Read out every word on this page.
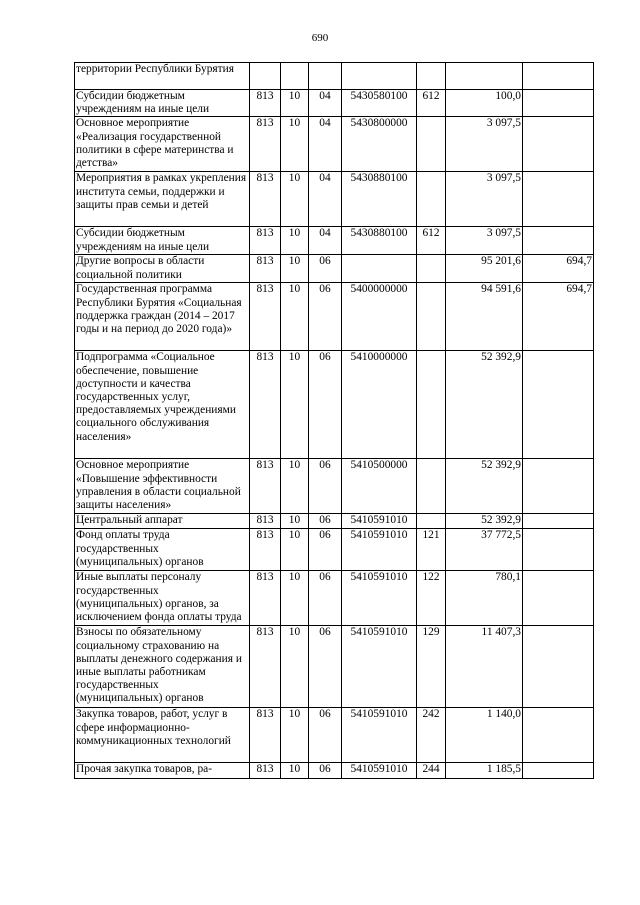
690
территории Республики Бурятия							
Субсидии бюджетным учреждениям на иные цели	813	10	04	5430580100	612	100,0	
Основное мероприятие «Реализация государственной политики в сфере материнства и детства»	813	10	04	5430800000		3 097,5	
Мероприятия в рамках укрепления института семьи, поддержки и защиты прав семьи и детей	813	10	04	5430880100		3 097,5	
Субсидии бюджетным учреждениям на иные цели	813	10	04	5430880100	612	3 097,5	
Другие вопросы в области социальной политики	813	10	06			95 201,6	694,7
Государственная программа Республики Бурятия «Социальная поддержка граждан (2014 – 2017 годы и на период до 2020 года)»	813	10	06	5400000000		94 591,6	694,7
Подпрограмма «Социальное обеспечение, повышение доступности и качества государственных услуг, предоставляемых учреждениями социального обслуживания населения»	813	10	06	5410000000		52 392,9	
Основное мероприятие «Повышение эффективности управления в области социальной защиты населения»	813	10	06	5410500000		52 392,9	
Центральный аппарат	813	10	06	5410591010		52 392,9	
Фонд оплаты труда государственных (муниципальных) органов	813	10	06	5410591010	121	37 772,5	
Иные выплаты персоналу государственных (муниципальных) органов, за исключением фонда оплаты труда	813	10	06	5410591010	122	780,1	
Взносы по обязательному социальному страхованию на выплаты денежного содержания и иные выплаты работникам государственных (муниципальных) органов	813	10	06	5410591010	129	11 407,3	
Закупка товаров, работ, услуг в сфере информационно-коммуникационных технологий	813	10	06	5410591010	242	1 140,0	
Прочая закупка товаров, ра-	813	10	06	5410591010	244	1 185,5	
